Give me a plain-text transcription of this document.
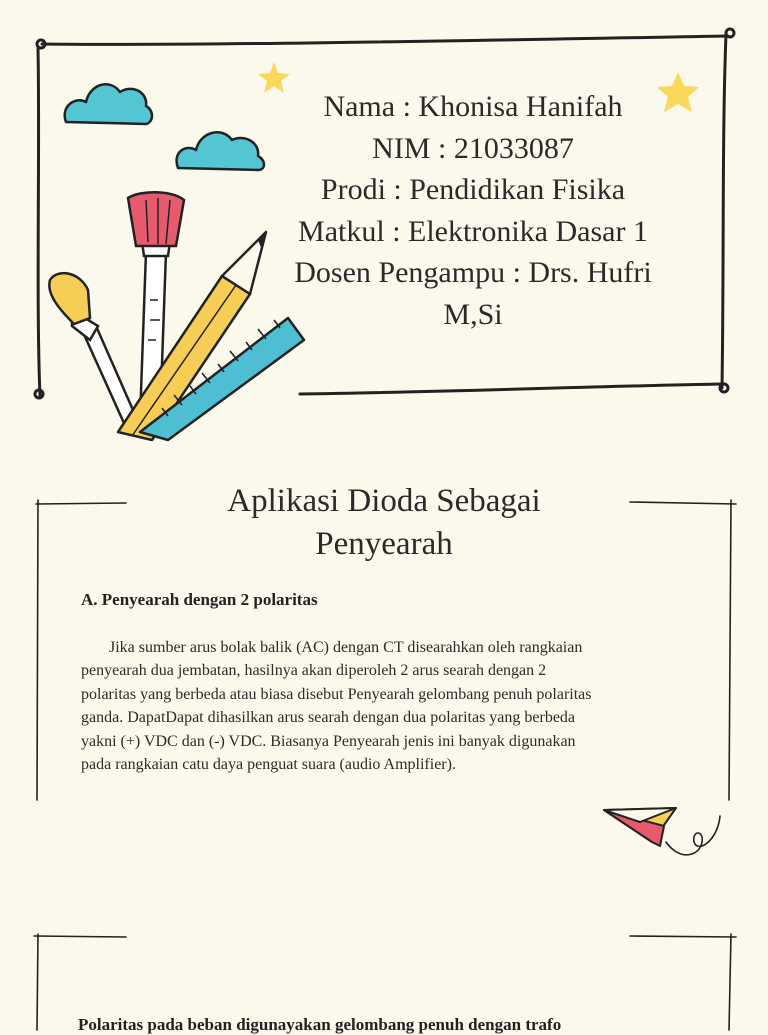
Nama : Khonisa Hanifah
NIM : 21033087
Prodi : Pendidikan Fisika
Matkul : Elektronika Dasar 1
Dosen Pengampu : Drs. Hufri
M,Si
Aplikasi Dioda Sebagai
Penyearah
A. Penyearah dengan 2 polaritas
Jika sumber arus bolak balik (AC) dengan CT disearahkan oleh rangkaian
penyearah dua jembatan, hasilnya akan diperoleh 2 arus searah dengan 2
polaritas yang berbeda atau biasa disebut Penyearah gelombang penuh polaritas
ganda. DapatDapat dihasilkan arus searah dengan dua polaritas yang berbeda
yakni (+) VDC dan (-) VDC. Biasanya Penyearah jenis ini banyak digunakan
pada rangkaian catu daya penguat suara (audio Amplifier).
Polaritas pada beban digunayakan gelombang penuh dengan trafo
